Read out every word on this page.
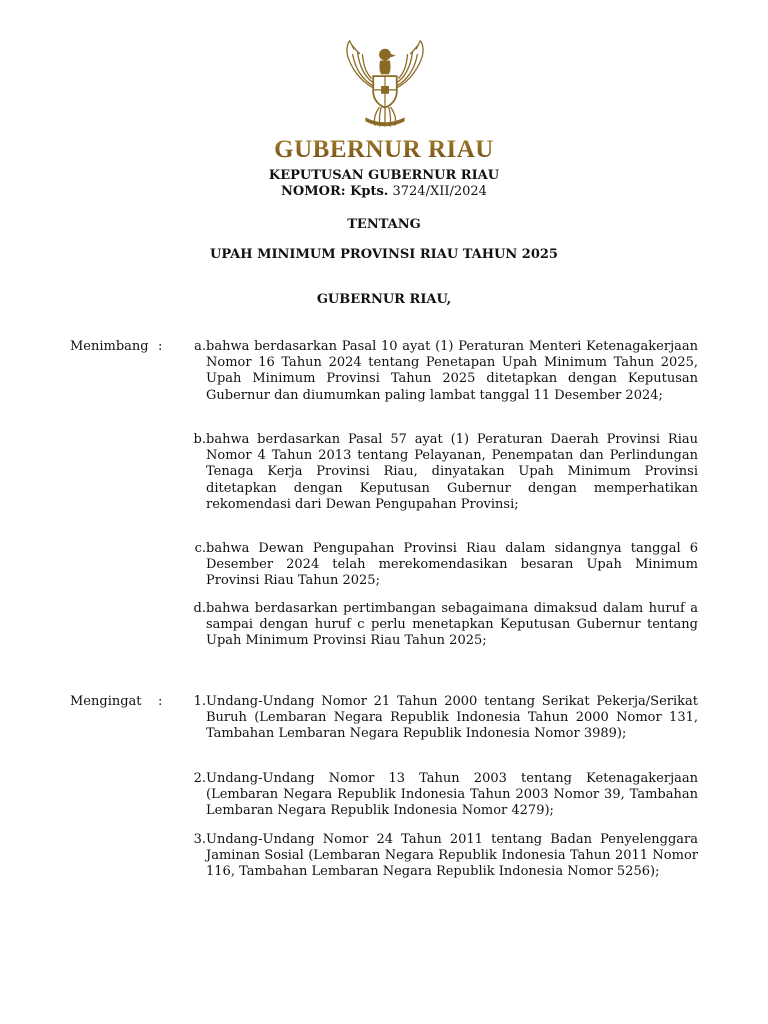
GUBERNUR RIAU
KEPUTUSAN GUBERNUR RIAU
NOMOR: Kpts. 3724/XII/2024
TENTANG
UPAH MINIMUM PROVINSI RIAU TAHUN 2025
GUBERNUR RIAU,
Menimbang :	a. bahwa berdasarkan Pasal 10 ayat (1) Peraturan Menteri Ketenagakerjaan Nomor 16 Tahun 2024 tentang Penetapan Upah Minimum Tahun 2025, Upah Minimum Provinsi Tahun 2025 ditetapkan dengan Keputusan Gubernur dan diumumkan paling lambat tanggal 11 Desember 2024;
b. bahwa berdasarkan Pasal 57 ayat (1) Peraturan Daerah Provinsi Riau Nomor 4 Tahun 2013 tentang Pelayanan, Penempatan dan Perlindungan Tenaga Kerja Provinsi Riau, dinyatakan Upah Minimum Provinsi ditetapkan dengan Keputusan Gubernur dengan memperhatikan rekomendasi dari Dewan Pengupahan Provinsi;
c. bahwa Dewan Pengupahan Provinsi Riau dalam sidangnya tanggal 6 Desember 2024 telah merekomendasikan besaran Upah Minimum Provinsi Riau Tahun 2025;
d. bahwa berdasarkan pertimbangan sebagaimana dimaksud dalam huruf a sampai dengan huruf c perlu menetapkan Keputusan Gubernur tentang Upah Minimum Provinsi Riau Tahun 2025;
Mengingat	:	1. Undang-Undang Nomor 21 Tahun 2000 tentang Serikat Pekerja/Serikat Buruh (Lembaran Negara Republik Indonesia Tahun 2000 Nomor 131, Tambahan Lembaran Negara Republik Indonesia Nomor 3989);
2. Undang-Undang Nomor 13 Tahun 2003 tentang Ketenagakerjaan (Lembaran Negara Republik Indonesia Tahun 2003 Nomor 39, Tambahan Lembaran Negara Republik Indonesia Nomor 4279);
3. Undang-Undang Nomor 24 Tahun 2011 tentang Badan Penyelenggara Jaminan Sosial (Lembaran Negara Republik Indonesia Tahun 2011 Nomor 116, Tambahan Lembaran Negara Republik Indonesia Nomor 5256);
